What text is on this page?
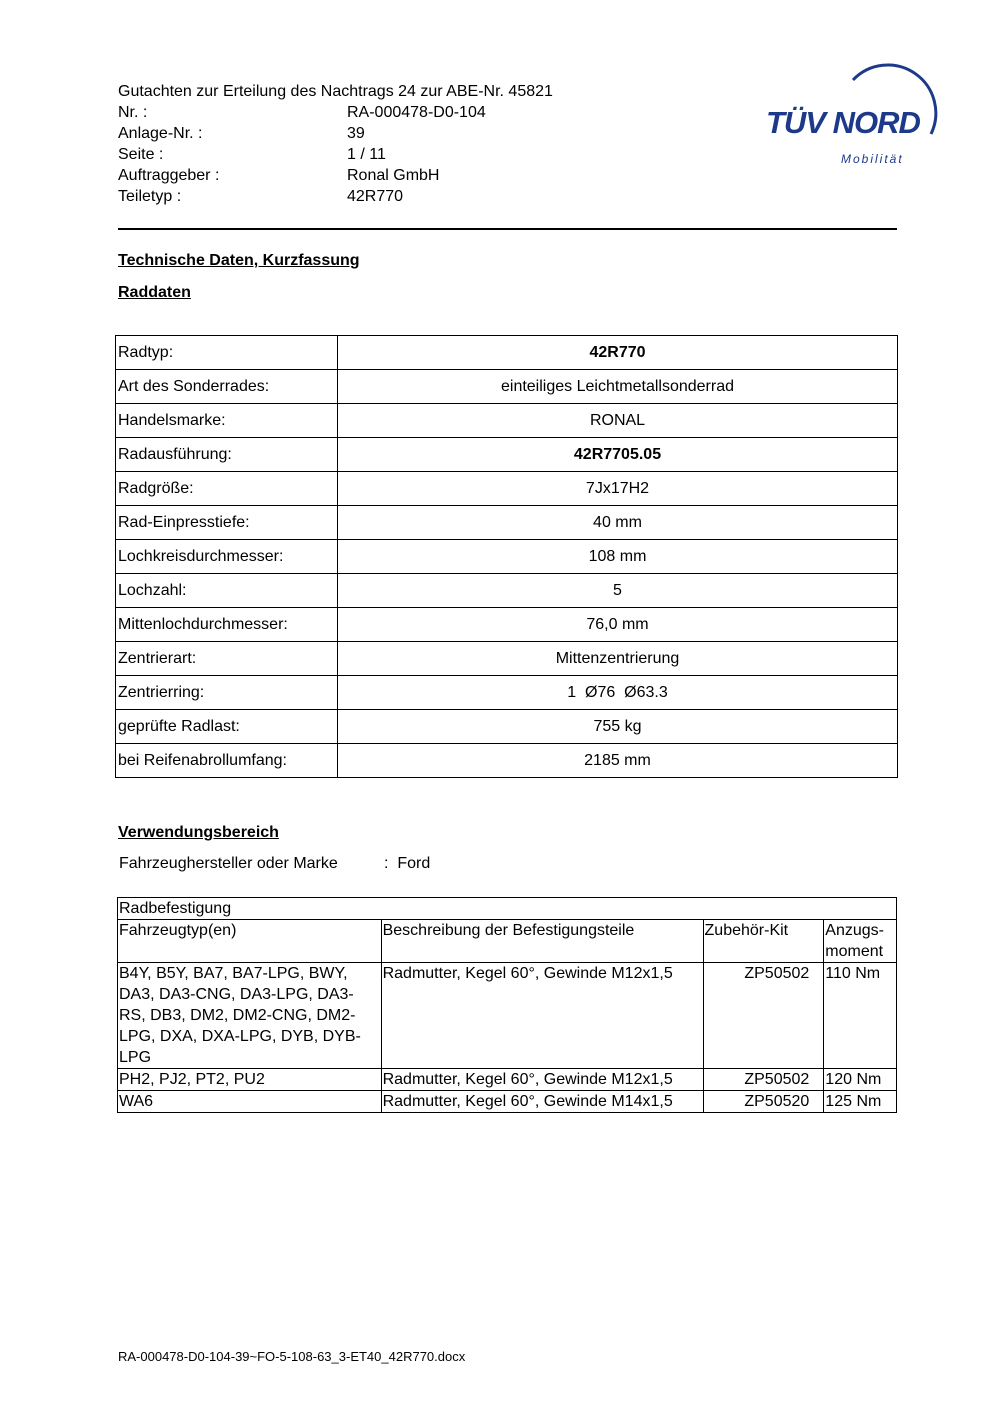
Gutachten zur Erteilung des Nachtrags 24 zur ABE-Nr. 45821
Nr. :	RA-000478-D0-104
Anlage-Nr. :	39
Seite :	1 / 11
Auftraggeber :	Ronal GmbH
Teiletyp :	42R770
TÜV NORD
Mobilität
Technische Daten, Kurzfassung
Raddaten
Radtyp:	42R770
Art des Sonderrades:	einteiliges Leichtmetallsonderrad
Handelsmarke:	RONAL
Radausführung:	42R7705.05
Radgröße:	7Jx17H2
Rad-Einpresstiefe:	40 mm
Lochkreisdurchmesser:	108 mm
Lochzahl:	5
Mittenlochdurchmesser:	76,0 mm
Zentrierart:	Mittenzentrierung
Zentrierring:	1  Ø76  Ø63.3
geprüfte Radlast:	755 kg
bei Reifenabrollumfang:	2185 mm
Verwendungsbereich
Fahrzeughersteller oder Marke	:  Ford
Radbefestigung			
Fahrzeugtyp(en)	Beschreibung der Befestigungsteile	Zubehör-Kit	Anzugs-
moment
B4Y, B5Y, BA7, BA7-LPG, BWY, DA3, DA3-CNG, DA3-LPG, DA3-RS, DB3, DM2, DM2-CNG, DM2-LPG, DXA, DXA-LPG, DYB, DYB-LPG	Radmutter, Kegel 60°, Gewinde M12x1,5	ZP50502	110 Nm
PH2, PJ2, PT2, PU2	Radmutter, Kegel 60°, Gewinde M12x1,5	ZP50502	120 Nm
WA6	Radmutter, Kegel 60°, Gewinde M14x1,5	ZP50520	125 Nm
RA-000478-D0-104-39~FO-5-108-63_3-ET40_42R770.docx
